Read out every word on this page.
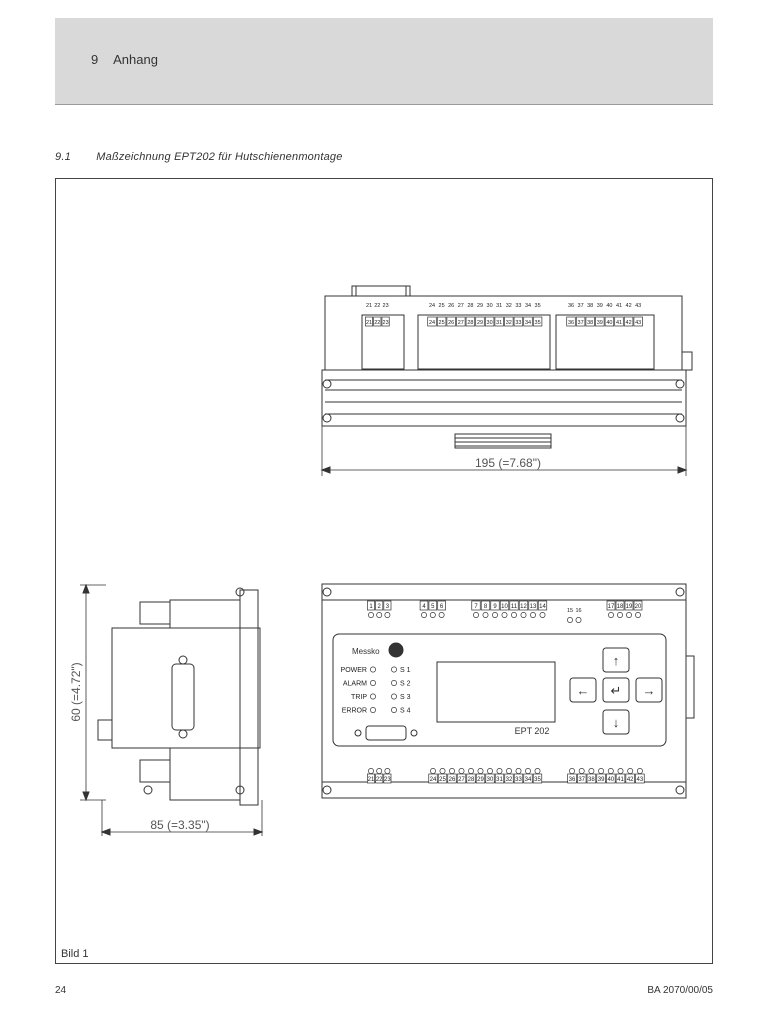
9 Anhang
9.1 Maßzeichnung EPT202 für Hutschienenmontage
195 (=7.68")
21 22 23
21 22 23
24 25 26 27 28 29 30 31 32 33 34 35
24 25 26 27 28 29 30 31 32 33 34 35
36 37 38 39 40 41 42 43
36 37 38 39 40 41 42 43
60 (=4.72")
85 (=3.35")
↑
← ↵ →
↓
Messko
EPT 202
POWER
ALARM
TRIP
ERROR
S 1
S 2
S 3
S 4
1 2 3	4 5 6	7 8 9 10 11 12 13 14
15 16
17 18 19 20
21 22 23	24 25 26 27 28 29 30 31 32 33 34 35	36 37 38 39 40 41 42 43
Bild 1
24	BA 2070/00/05
